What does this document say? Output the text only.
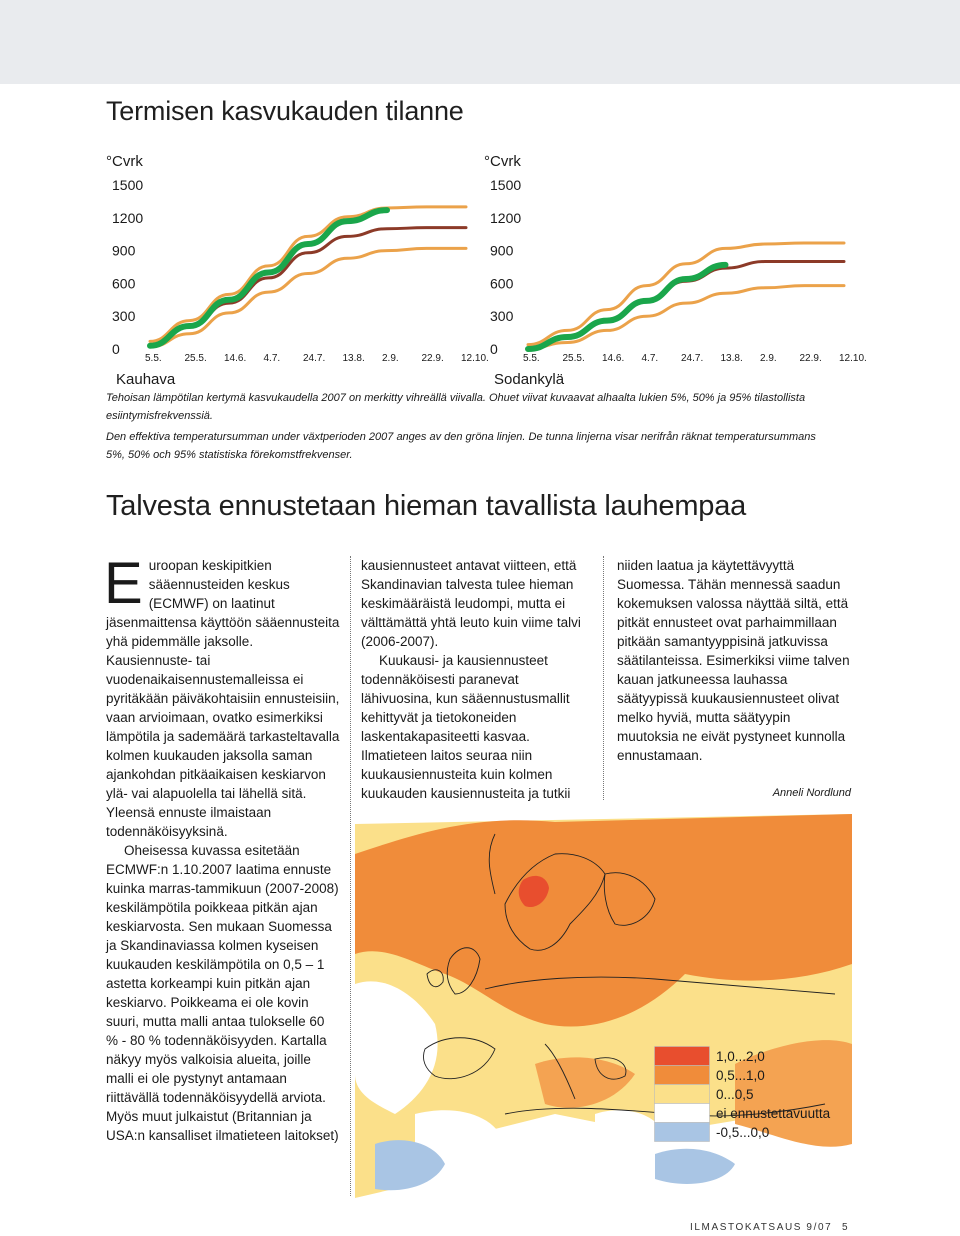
Termisen kasvukauden tilanne
°Cvrk
1500
1200
900
600
300
0
5.5. 25.5. 14.6. 4.7. 24.7. 13.8. 2.9. 22.9. 12.10.
Kauhava
°Cvrk
1500
1200
900
600
300
0
5.5. 25.5. 14.6. 4.7. 24.7. 13.8. 2.9. 22.9. 12.10.
Sodankylä
Tehoisan lämpötilan kertymä kasvukaudella 2007 on merkitty vihreällä viivalla. Ohuet viivat kuvaavat alhaalta lukien 5%, 50% ja 95% tilastollista esiintymisfrekvenssiä.
Den effektiva temperatursumman under växtperioden 2007 anges av den gröna linjen. De tunna linjerna visar nerifrån räknat temperatursummans 5%, 50% och 95% statistiska förekomstfrekvenser.
Talvesta ennustetaan hieman tavallista lauhempaa

Euroopan keskipitkien sääennusteiden keskus (ECMWF) on laatinut jäsenmaittensa käyttöön sääennusteita yhä pidemmälle jaksolle. Kausiennuste- tai vuodenaikaisennustemalleissa ei pyritäkään päiväkohtaisiin ennusteisiin, vaan arvioimaan, ovatko esimerkiksi lämpötila ja sademäärä tarkasteltavalla kolmen kuukauden jaksolla saman ajankohdan pitkäaikaisen keskiarvon ylä- vai alapuolella tai lähellä sitä. Yleensä ennuste ilmaistaan todennäköisyyksinä.

Oheisessa kuvassa esitetään ECMWF:n 1.10.2007 laatima ennuste kuinka marras-tammikuun (2007-2008) keskilämpötila poikkeaa pitkän ajan keskiarvosta. Sen mukaan Suomessa ja Skandinaviassa kolmen kyseisen kuukauden keskilämpötila on 0,5 – 1 astetta korkeampi kuin pitkän ajan keskiarvo. Poikkeama ei ole kovin suuri, mutta malli antaa tulokselle 60 % - 80 % todennäköisyyden. Kartalla näkyy myös valkoisia alueita, joille malli ei ole pystynyt antamaan riittävällä todennäköisyydellä arviota. Myös muut julkaistut (Britannian ja USA:n kansalliset ilmatieteen laitokset)

kausiennusteet antavat viitteen, että Skandinavian talvesta tulee hieman keskimääräistä leudompi, mutta ei välttämättä yhtä leuto kuin viime talvi (2006-2007).

Kuukausi- ja kausiennusteet todennäköisesti paranevat lähivuosina, kun sääennustusmallit kehittyvät ja tietokoneiden laskentakapasiteetti kasvaa. Ilmatieteen laitos seuraa niin kuukausiennusteita kuin kolmen kuukauden kausiennusteita ja tutkii

niiden laatua ja käytettävyyttä Suomessa. Tähän mennessä saadun kokemuksen valossa näyttää siltä, että pitkät ennusteet ovat parhaimmillaan pitkään samantyyppisinä jatkuvissa säätilanteissa. Esimerkiksi viime talven kauan jatkuneessa lauhassa säätyypissä kuukausiennusteet olivat melko hyviä, mutta säätyypin muutoksia ne eivät pystyneet kunnolla ennustamaan.

Anneli Nordlund
1,0...2,0
0,5...1,0
0...0,5
ei ennustettavuutta
-0,5...0,0
ILMASTOKATSAUS 9/07 5
